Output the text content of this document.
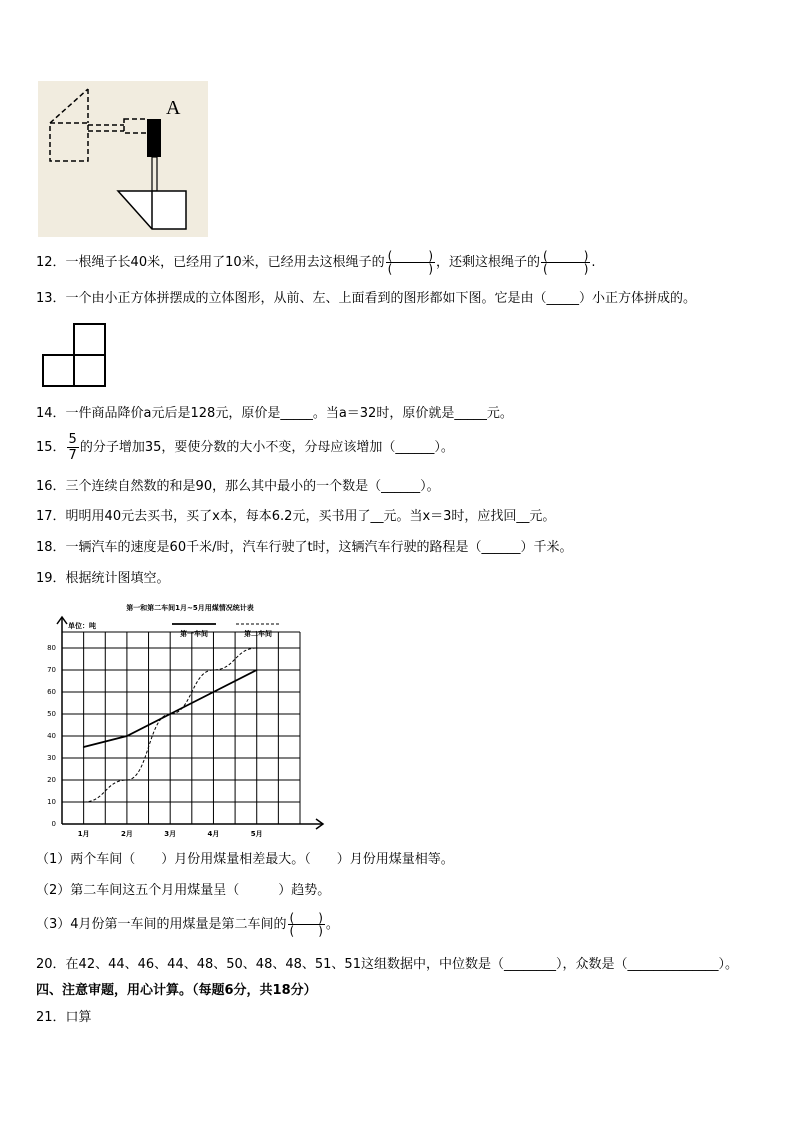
A
12．一根绳子长40米，已经用了10米，已经用去这根绳子的 $\frac{( )}{( )}$ ，还剩这根绳子的 $\frac{( )}{( )}$ .
13．一个由小正方体拼摆成的立体图形，从前、左、上面看到的图形都如下图。它是由（_____）小正方体拼成的。
14．一件商品降价a元后是128元，原价是_____。当a＝32时，原价就是_____元。
15． $\frac{5}{7}$ 的分子增加35，要使分数的大小不变，分母应该增加（______）。
16．三个连续自然数的和是90，那么其中最小的一个数是（______）。
17．明明用40元去买书，买了x本，每本6.2元，买书用了__元。当x＝3时，应找回__元。
18．一辆汽车的速度是60千米/时，汽车行驶了t时，这辆汽车行驶的路程是（______）千米。
19．根据统计图填空。
第一和第二车间1月~5月用煤情况统计表
单位：吨
0
10
20
30
40
50
60
70
80
1月	2月	3月	4月	5月
第一车间	第二车间
（1）两个车间（　　）月份用煤量相差最大。（　　）月份用煤量相等。
（2）第二车间这五个月用煤量呈（　　　）趋势。
（3）4月份第一车间的用煤量是第二车间的 $\frac{( )}{( )}$ 。
20．在42、44、46、44、48、50、48、48、51、51这组数据中，中位数是（________），众数是（______________）。
四、注意审题，用心计算。（每题6分，共18分）
21．口算
